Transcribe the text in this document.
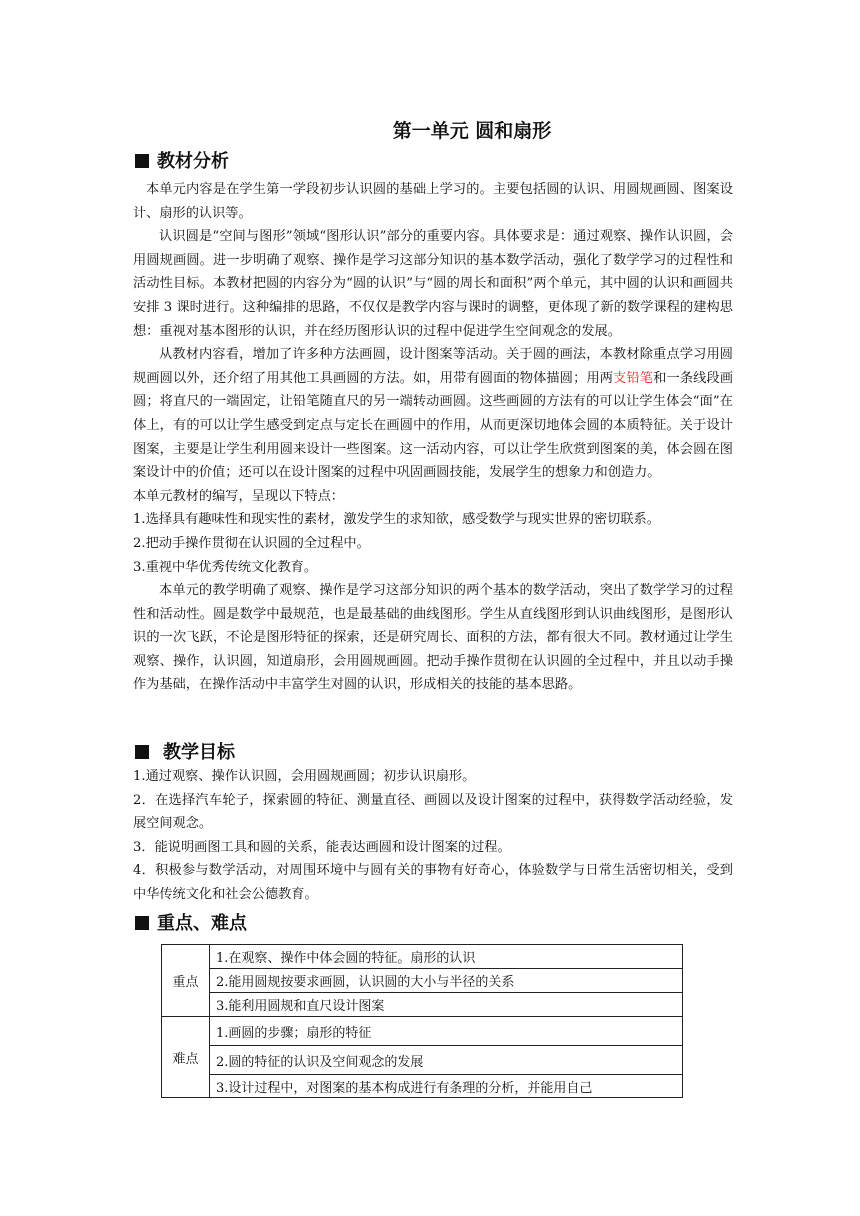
第一单元 圆和扇形
教材分析

本单元内容是在学生第一学段初步认识圆的基础上学习的。主要包括圆的认识、用圆规画圆、图案设计、扇形的认识等。

认识圆是“空间与图形”领域“图形认识”部分的重要内容。具体要求是：通过观察、操作认识圆，会用圆规画圆。进一步明确了观察、操作是学习这部分知识的基本数学活动，强化了数学学习的过程性和活动性目标。本教材把圆的内容分为“圆的认识”与“圆的周长和面积”两个单元，其中圆的认识和画圆共安排 3 课时进行。这种编排的思路，不仅仅是教学内容与课时的调整，更体现了新的数学课程的建构思想：重视对基本图形的认识，并在经历图形认识的过程中促进学生空间观念的发展。

从教材内容看，增加了许多种方法画圆，设计图案等活动。关于圆的画法，本教材除重点学习用圆规画圆以外，还介绍了用其他工具画圆的方法。如，用带有圆面的物体描圆；用两支铅笔和一条线段画圆；将直尺的一端固定，让铅笔随直尺的另一端转动画圆。这些画圆的方法有的可以让学生体会“面”在体上，有的可以让学生感受到定点与定长在画圆中的作用，从而更深切地体会圆的本质特征。关于设计图案，主要是让学生利用圆来设计一些图案。这一活动内容，可以让学生欣赏到图案的美，体会圆在图案设计中的价值；还可以在设计图案的过程中巩固画圆技能，发展学生的想象力和创造力。

本单元教材的编写，呈现以下特点：

1.选择具有趣味性和现实性的素材，激发学生的求知欲，感受数学与现实世界的密切联系。

2.把动手操作贯彻在认识圆的全过程中。

3.重视中华优秀传统文化教育。

本单元的教学明确了观察、操作是学习这部分知识的两个基本的数学活动，突出了数学学习的过程性和活动性。圆是数学中最规范，也是最基础的曲线图形。学生从直线图形到认识曲线图形，是图形认识的一次飞跃，不论是图形特征的探索，还是研究周长、面积的方法，都有很大不同。教材通过让学生观察、操作，认识圆，知道扇形，会用圆规画圆。把动手操作贯彻在认识圆的全过程中，并且以动手操作为基础，在操作活动中丰富学生对圆的认识，形成相关的技能的基本思路。

教学目标

1.通过观察、操作认识圆，会用圆规画圆；初步认识扇形。

2．在选择汽车轮子，探索圆的特征、测量直径、画圆以及设计图案的过程中，获得数学活动经验，发展空间观念。

3．能说明画图工具和圆的关系，能表达画圆和设计图案的过程。

4．积极参与数学活动，对周围环境中与圆有关的事物有好奇心，体验数学与日常生活密切相关，受到中华传统文化和社会公德教育。

重点、难点
重点	1.在观察、操作中体会圆的特征。扇形的认识
	2.能用圆规按要求画圆，认识圆的大小与半径的关系
	3.能利用圆规和直尺设计图案
难点	1.画圆的步骤；扇形的特征
	2.圆的特征的认识及空间观念的发展
	3.设计过程中，对图案的基本构成进行有条理的分析，并能用自己
